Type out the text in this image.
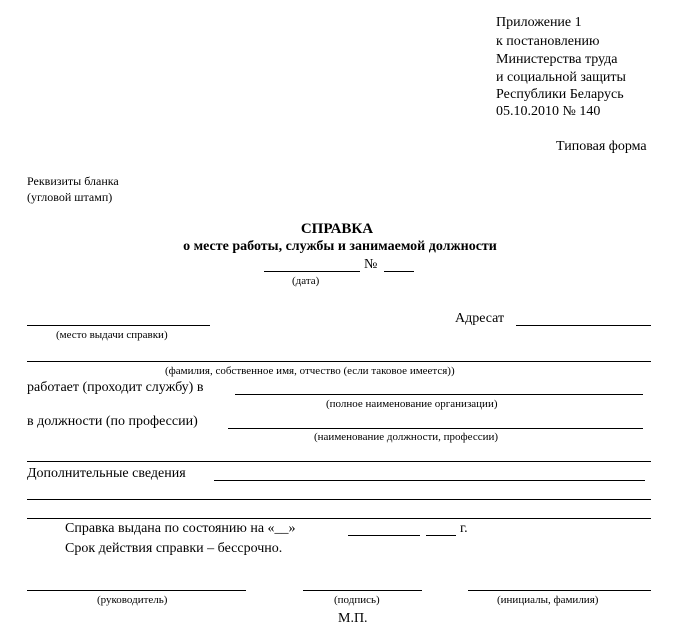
Приложение 1
к постановлению
Министерства труда
и социальной защиты
Республики Беларусь
05.10.2010 № 140
Типовая форма
Реквизиты бланка
(угловой штамп)
СПРАВКА
о месте работы, службы и занимаемой должности
№
(дата)
(место выдачи справки)
Адресат
(фамилия, собственное имя, отчество (если таковое имеется))
работает (проходит службу) в
(полное наименование организации)
в должности (по профессии)
(наименование должности, профессии)
Дополнительные сведения
Справка выдана по состоянию на «__»	г.
Срок действия справки – бессрочно.
(руководитель)	(подпись)	(инициалы, фамилия)
М.П.
